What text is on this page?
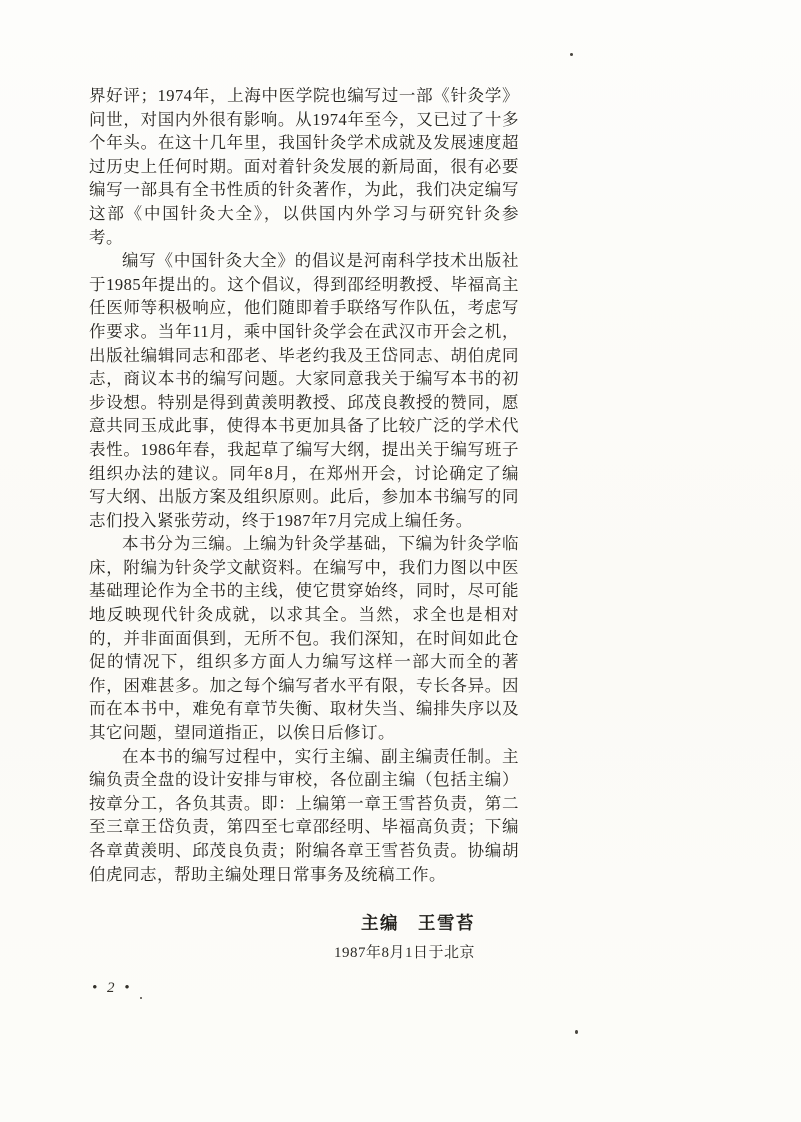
界好评；1974年，上海中医学院也编写过一部《针灸学》问世，对国内外很有影响。从1974年至今，又已过了十多个年头。在这十几年里，我国针灸学术成就及发展速度超过历史上任何时期。面对着针灸发展的新局面，很有必要编写一部具有全书性质的针灸著作，为此，我们决定编写这部《中国针灸大全》，以供国内外学习与研究针灸参考。

编写《中国针灸大全》的倡议是河南科学技术出版社于1985年提出的。这个倡议，得到邵经明教授、毕福高主任医师等积极响应，他们随即着手联络写作队伍，考虑写作要求。当年11月，乘中国针灸学会在武汉市开会之机，出版社编辑同志和邵老、毕老约我及王岱同志、胡伯虎同志，商议本书的编写问题。大家同意我关于编写本书的初步设想。特别是得到黄羡明教授、邱茂良教授的赞同，愿意共同玉成此事，使得本书更加具备了比较广泛的学术代表性。1986年春，我起草了编写大纲，提出关于编写班子组织办法的建议。同年8月，在郑州开会，讨论确定了编写大纲、出版方案及组织原则。此后，参加本书编写的同志们投入紧张劳动，终于1987年7月完成上编任务。

本书分为三编。上编为针灸学基础，下编为针灸学临床，附编为针灸学文献资料。在编写中，我们力图以中医基础理论作为全书的主线，使它贯穿始终，同时，尽可能地反映现代针灸成就，以求其全。当然，求全也是相对的，并非面面俱到，无所不包。我们深知，在时间如此仓促的情况下，组织多方面人力编写这样一部大而全的著作，困难甚多。加之每个编写者水平有限，专长各异。因而在本书中，难免有章节失衡、取材失当、编排失序以及其它问题，望同道指正，以俟日后修订。

在本书的编写过程中，实行主编、副主编责任制。主编负责全盘的设计安排与审校，各位副主编（包括主编）按章分工，各负其责。即：上编第一章王雪苔负责，第二至三章王岱负责，第四至七章邵经明、毕福高负责；下编各章黄羡明、邱茂良负责；附编各章王雪苔负责。协编胡伯虎同志，帮助主编处理日常事务及统稿工作。

主编　王雪苔
1987年8月1日于北京
• 2 •
